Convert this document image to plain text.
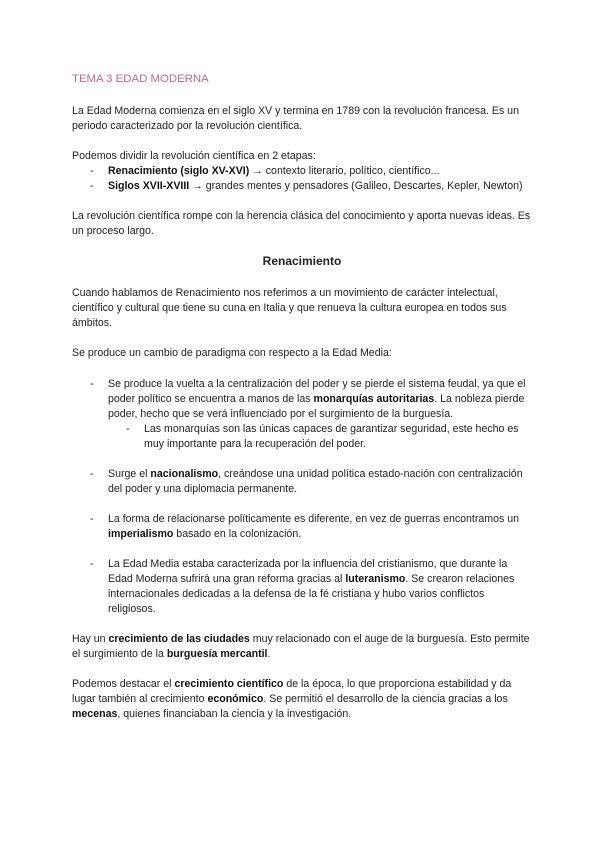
TEMA 3 EDAD MODERNA

La Edad Moderna comienza en el siglo XV y termina en 1789 con la revolución francesa. Es un periodo caracterizado por la revolución científica.

Podemos dividir la revolución científica en 2 etapas:

- Renacimiento (siglo XV-XVI) → contexto literario, político, científico...
- Siglos XVII-XVIII → grandes mentes y pensadores (Galileo, Descartes, Kepler, Newton)

La revolución científica rompe con la herencia clásica del conocimiento y aporta nuevas ideas. Es un proceso largo.

Renacimiento

Cuando hablamos de Renacimiento nos referimos a un movimiento de carácter intelectual, científico y cultural que tiene su cuna en Italia y que renueva la cultura europea en todos sus ámbitos.

Se produce un cambio de paradigma con respecto a la Edad Media:

- Se produce la vuelta a la centralización del poder y se pierde el sistema feudal, ya que el poder político se encuentra a manos de las monarquías autoritarias. La nobleza pierde poder, hecho que se verá influenciado por el surgimiento de la burguesía.
- Las monarquías son las únicas capaces de garantizar seguridad, este hecho es muy importante para la recuperación del poder.
- Surge el nacionalismo, creándose una unidad política estado-nación con centralización del poder y una diplomacia permanente.
- La forma de relacionarse políticamente es diferente, en vez de guerras encontramos un imperialismo basado en la colonización.
- La Edad Media estaba caracterizada por la influencia del cristianismo, que durante la Edad Moderna sufrirá una gran reforma gracias al luteranismo. Se crearon relaciones internacionales dedicadas a la defensa de la fé cristiana y hubo varios conflictos religiosos.

Hay un crecimiento de las ciudades muy relacionado con el auge de la burguesía. Esto permite el surgimiento de la burguesía mercantil.

Podemos destacar el crecimiento científico de la época, lo que proporciona estabilidad y da lugar también al crecimiento económico. Se permitió el desarrollo de la ciencia gracias a los mecenas, quienes financiaban la ciencia y la investigación.
